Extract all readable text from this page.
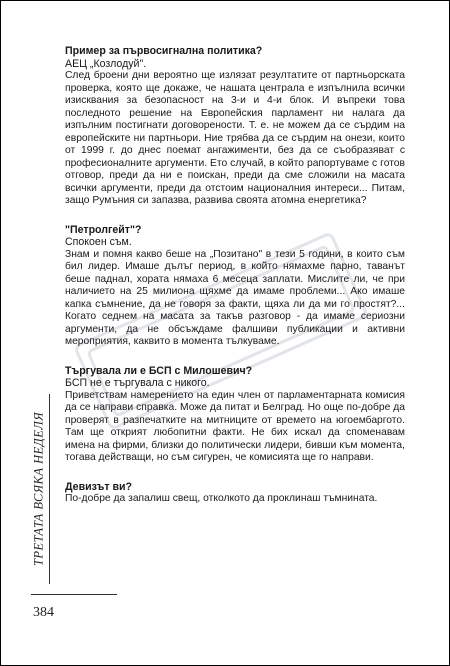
Пример за първосигнална политика?

АЕЦ „Козлодуй".

След броени дни вероятно ще излязат резултатите от партньорската проверка, която ще докаже, че нашата централа е изпълнила всички изисквания за безопасност на 3-и и 4-и блок. И въпреки това последното решение на Европейския парламент ни налага да изпълним постигнати договорености. Т. е. не можем да се сърдим на европейските ни партньори. Ние трябва да се сърдим на онези, които от 1999 г. до днес поемат ангажименти, без да се съобразяват с професионалните аргументи. Ето случай, в който рапортуваме с готов отговор, преди да ни е поискан, преди да сме сложили на масата всички аргументи, преди да отстоим националния интереси... Питам, защо Румъния си запазва, развива своята атомна енергетика?

"Петролгейт"?

Спокоен съм.

Знам и помня какво беше на „Позитано" в тези 5 години, в които съм бил лидер. Имаше дълъг период, в който нямахме парно, таванът беше паднал, хората нямаха 6 месеца заплати. Мислите ли, че при наличието на 25 милиона щяхме да имаме проблеми... Ако имаше капка съмнение, да не говоря за факти, щяха ли да ми го простят?... Когато седнем на масата за такъв разговор - да имаме сериозни аргументи, да не обсъждаме фалшиви публикации и активни мероприятия, каквито в момента тълкуваме.

Търгувала ли е БСП с Милошевич?

БСП не е търгувала с никого.

Приветствам намерението на един член от парламентарната комисия да се направи справка. Може да питат и Белград. Но още по-добре да проверят в разпечатките на митниците от времето на югоембаргото. Там ще открият любопитни факти. Не бих искал да споменавам имена на фирми, близки до политически лидери, бивши към момента, тогава действащи, но съм сигурен, че комисията ще го направи.

Девизът ви?

По-добре да запалиш свещ, отколкото да проклинаш тъмнината.

ТРЕТАТА ВСЯКА НЕДЕЛЯ
384
